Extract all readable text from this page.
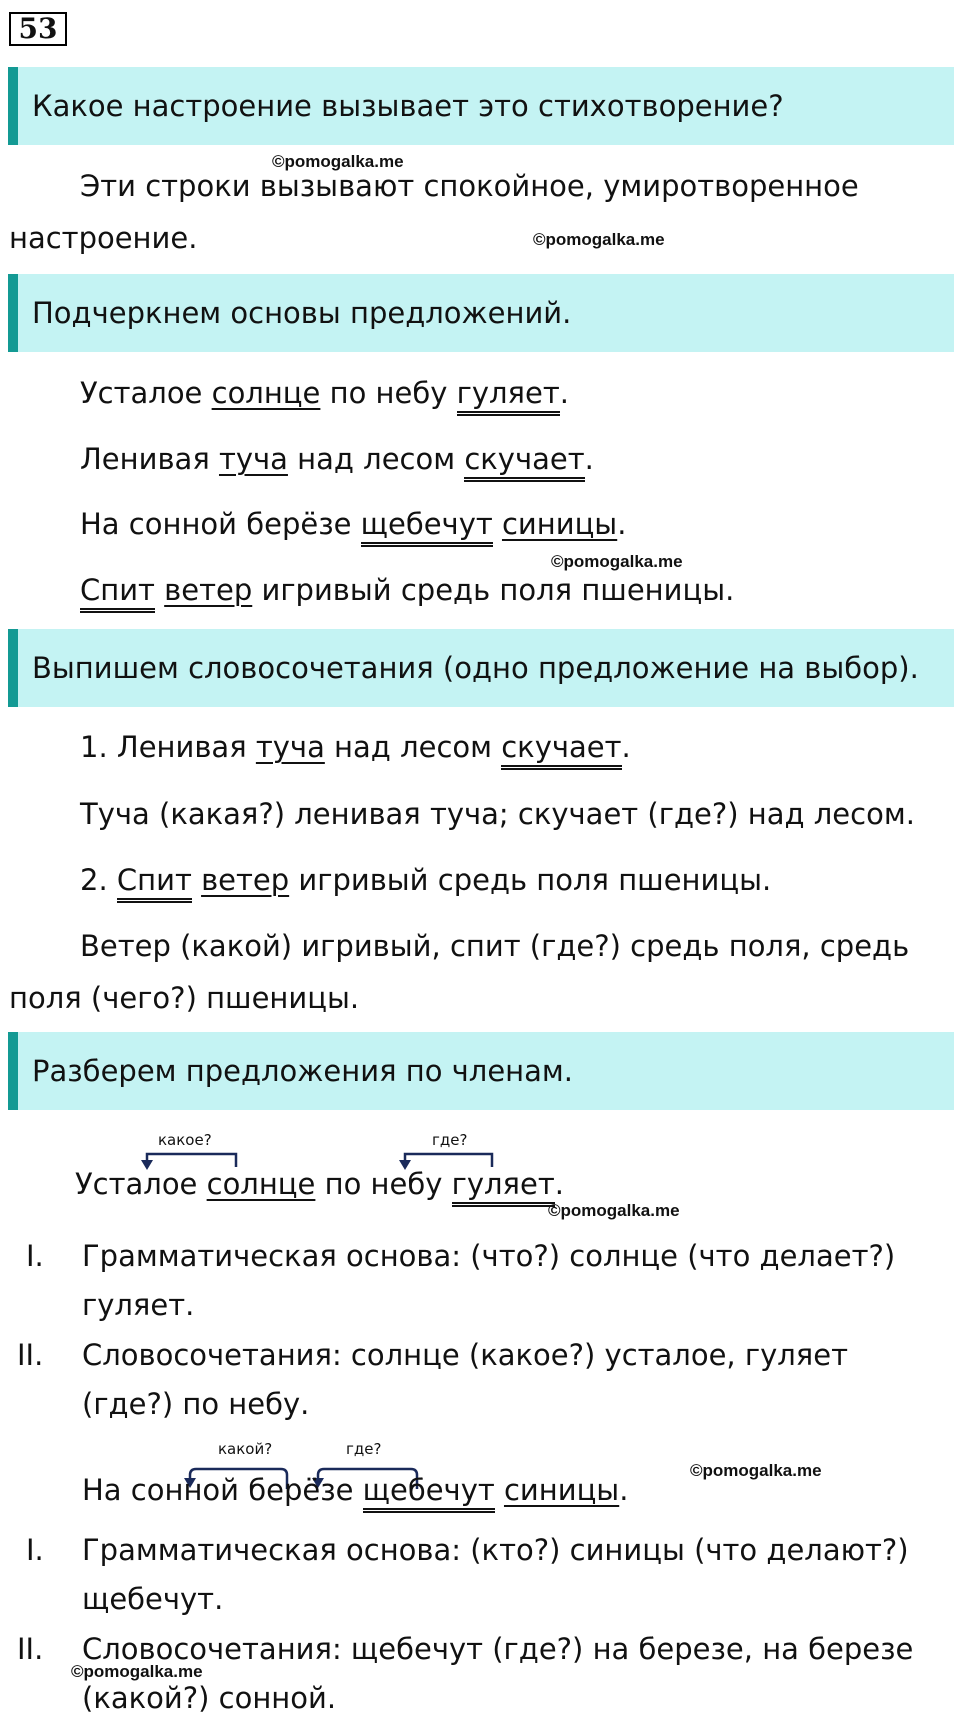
53
Какое настроение вызывает это стихотворение?
©pomogalka.me
Эти строки вызывают спокойное, умиротворенное
настроение.	©pomogalka.me
Подчеркнем основы предложений.
Усталое солнце по небу гуляет.
Ленивая туча над лесом скучает.
На сонной берёзе щебечут синицы.
©pomogalka.me
Спит ветер игривый средь поля пшеницы.
Выпишем словосочетания (одно предложение на выбор).
1. Ленивая туча над лесом скучает.
Туча (какая?) ленивая туча; скучает (где?) над лесом.
2. Спит ветер игривый средь поля пшеницы.
Ветер (какой) игривый, спит (где?) средь поля, средь
поля (чего?) пшеницы.
Разберем предложения по членам.
какое?	где?
Усталое солнце по небу гуляет.
©pomogalka.me
I. Грамматическая основа: (что?) солнце (что делает?)
гуляет.
II. Словосочетания: солнце (какое?) усталое, гуляет
(где?) по небу.
какой?	где?
На сонной берёзе щебечут синицы.
©pomogalka.me
I. Грамматическая основа: (кто?) синицы (что делают?)
щебечут.
II. Словосочетания: щебечут (где?) на березе, на березе
©pomogalka.me
(какой?) сонной.
